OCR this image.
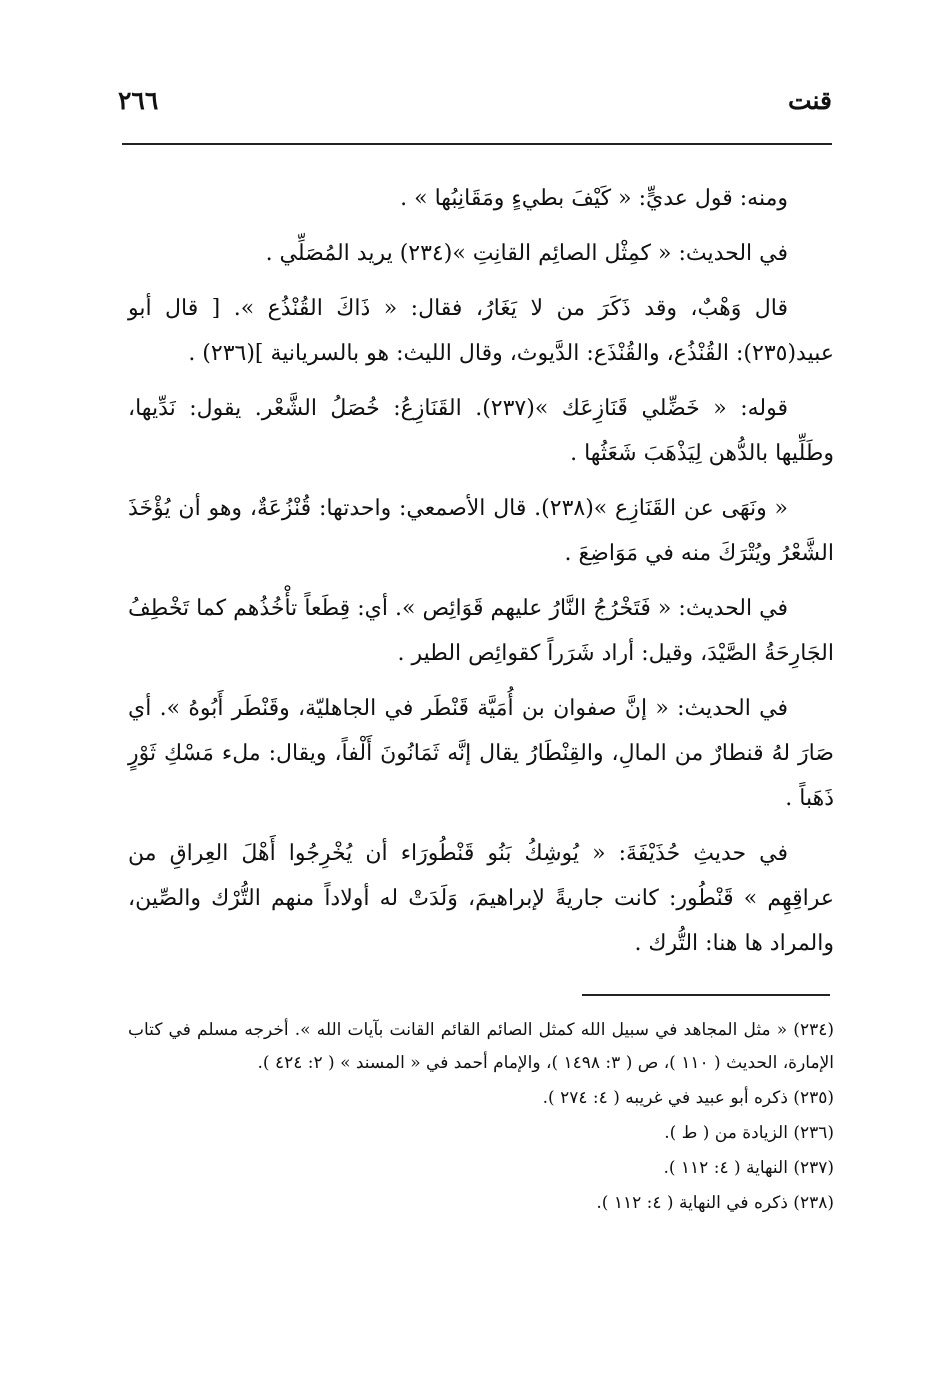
٢٦٦	قنت

ومنه: قول عديٍّ: « كَيْفَ بطيءٍ ومَقَانِبُها » .

في الحديث: « كمِثْل الصائِم القانِتِ »(٢٣٤) يريد المُصَلِّي .

قال وَهْبٌ، وقد ذَكَرَ من لا يَغَارُ، فقال: « ذَاكَ القُنْذُع ». [ قال أبو عبيد(٢٣٥): القُنْذُع، والقُنْذَع: الدَّيوث، وقال الليث: هو بالسريانية ](٢٣٦) .

قوله: « خَضِّلي قَنَازِعَك »(٢٣٧). القَنَازِعُ: خُصَلُ الشَّعْر. يقول: نَدِّيها، وطَلِّيها بالدُّهن لِيَذْهَبَ شَعَثُها .

« ونَهَى عن القَنَازِع »(٢٣٨). قال الأصمعي: واحدتها: قُنْزُعَةٌ، وهو أن يُؤْخَذَ الشَّعْرُ ويُتْرَكَ منه في مَوَاضِعَ .

في الحديث: « فَتَخْرُجُ النَّارُ عليهم قَوَائِص ». أي: قِطَعاً تأْخُذُهم كما تَخْطِفُ الجَارِحَةُ الصَّيْدَ، وقيل: أراد شَرَراً كقوائِص الطير .

في الحديث: « إنَّ صفوان بن أُمَيَّة قَنْطَر في الجاهليّة، وقَنْطَر أَبُوهُ ». أي صَارَ لهُ قنطارٌ من المالِ، والقِنْطَارُ يقال إنَّه ثَمَانُونَ أَلْفاً، ويقال: ملء مَسْكِ ثَوْرٍ ذَهَباً .

في حديثِ حُذَيْفَةَ: « يُوشِكُ بَنُو قَنْطُورَاء أن يُخْرِجُوا أَهْلَ العِراقِ من عراقِهِم » قَنْطُور: كانت جاريةً لإبراهيمَ، وَلَدَتْ له أولاداً منهم التُّرْك والصِّين، والمراد ها هنا: التُّرك .

(٢٣٤) « مثل المجاهد في سبيل الله كمثل الصائم القائم القانت بآيات الله ». أخرجه مسلم في كتاب الإمارة، الحديث ( ١١٠ )، ص ( ٣: ١٤٩٨ )، والإمام أحمد في « المسند » ( ٢: ٤٢٤ ).

(٢٣٥) ذكره أبو عبيد في غريبه ( ٤: ٢٧٤ ).

(٢٣٦) الزيادة من ( ط ).

(٢٣٧) النهاية ( ٤: ١١٢ ).

(٢٣٨) ذكره في النهاية ( ٤: ١١٢ ).
